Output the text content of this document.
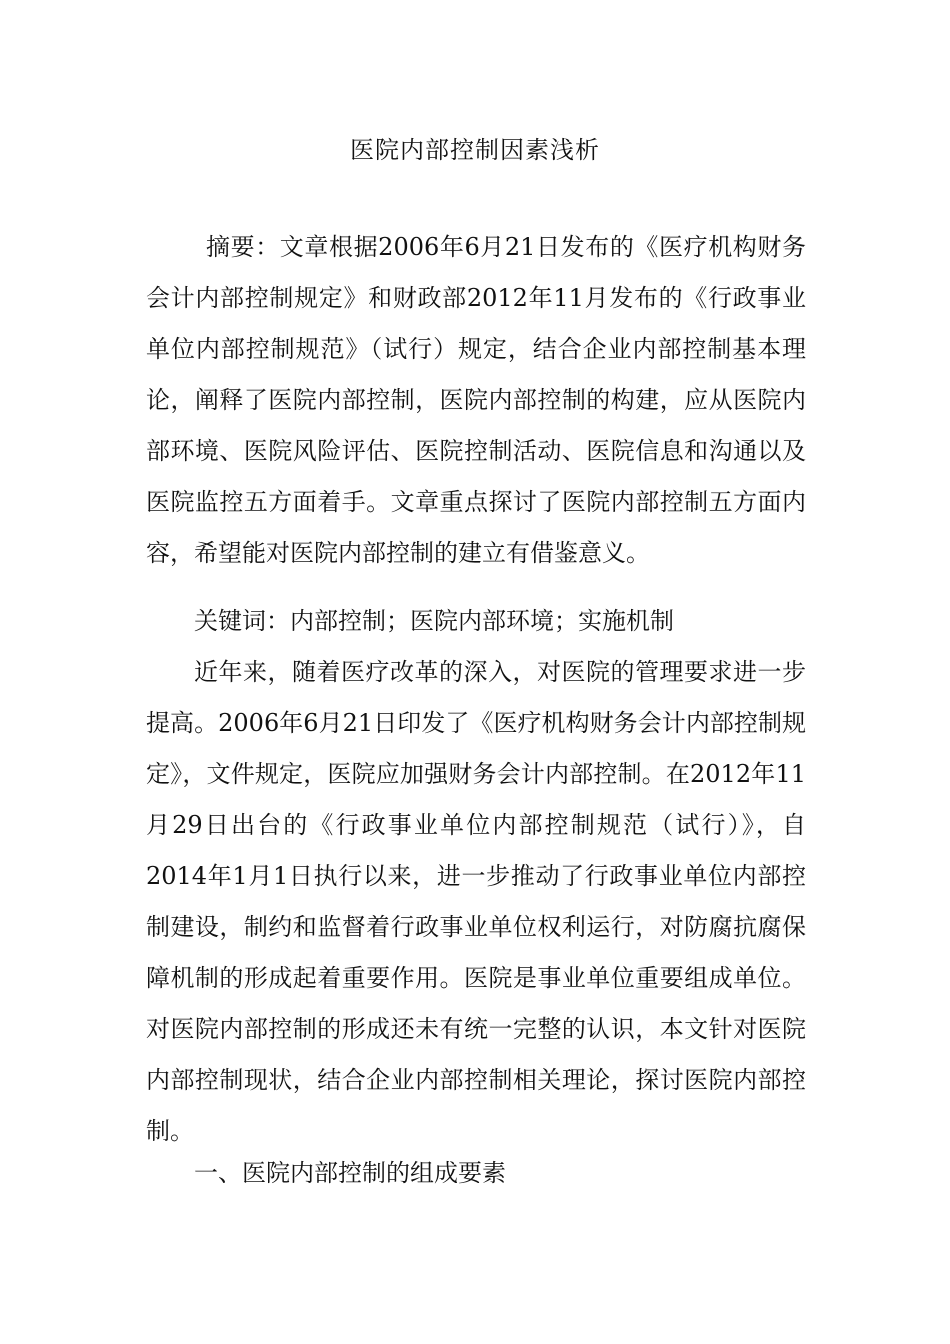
医院内部控制因素浅析
摘要：文章根据2006年6月21日发布的《医疗机构财务会计内部控制规定》和财政部2012年11月发布的《行政事业单位内部控制规范》（试行）规定，结合企业内部控制基本理论，阐释了医院内部控制，医院内部控制的构建，应从医院内部环境、医院风险评估、医院控制活动、医院信息和沟通以及医院监控五方面着手。文章重点探讨了医院内部控制五方面内容，希望能对医院内部控制的建立有借鉴意义。
关键词：内部控制；医院内部环境；实施机制
近年来，随着医疗改革的深入，对医院的管理要求进一步提高。2006年6月21日印发了《医疗机构财务会计内部控制规定》，文件规定，医院应加强财务会计内部控制。在2012年11月29日出台的《行政事业单位内部控制规范（试行）》，自2014年1月1日执行以来，进一步推动了行政事业单位内部控制建设，制约和监督着行政事业单位权利运行，对防腐抗腐保障机制的形成起着重要作用。医院是事业单位重要组成单位。对医院内部控制的形成还未有统一完整的认识，本文针对医院内部控制现状，结合企业内部控制相关理论，探讨医院内部控制。
一、医院内部控制的组成要素
